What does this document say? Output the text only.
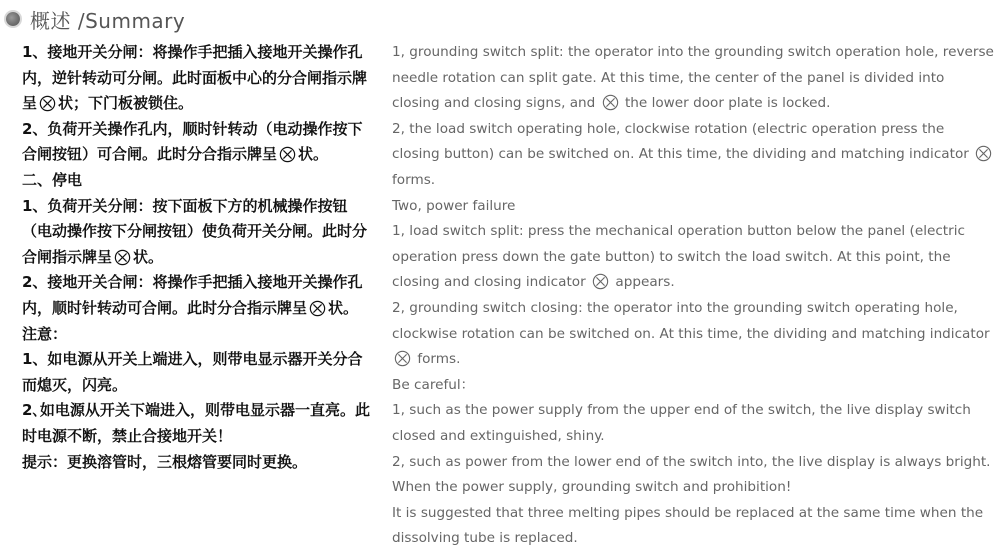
概述 /Summary

1、接地开关分闸：将操作手把插入接地开关操作孔内，逆针转动可分闸。此时面板中心的分合闸指示牌呈 状；下门板被锁住。

2、负荷开关操作孔内，顺时针转动（电动操作按下合闸按钮）可合闸。此时分合指示牌呈 状。

二、停电

1、负荷开关分闸：按下面板下方的机械操作按钮（电动操作按下分闸按钮）使负荷开关分闸。此时分合闸指示牌呈 状。

2、接地开关合闸：将操作手把插入接地开关操作孔内，顺时针转动可合闸。此时分合指示牌呈 状。

注意：

1、如电源从开关上端进入，则带电显示器开关分合而熄灭，闪亮。

2､如电源从开关下端进入，则带电显示器一直亮。此时电源不断，禁止合接地开关！

提示：更换溶管时，三根熔管要同时更换。

1, grounding switch split: the operator into the grounding switch operation hole, reverse needle rotation can split gate. At this time, the center of the panel is divided into closing and closing signs, and the lower door plate is locked.

2, the load switch operating hole, clockwise rotation (electric operation press the closing button) can be switched on. At this time, the dividing and matching indicator
forms.

Two, power failure

1, load switch split: press the mechanical operation button below the panel (electric operation press down the gate button) to switch the load switch. At this point, the closing and closing indicator appears.

2, grounding switch closing: the operator into the grounding switch operating hole, clockwise rotation can be switched on. At this time, the dividing and matching indicator

forms.

Be careful：

1, such as the power supply from the upper end of the switch, the live display switch closed and extinguished, shiny.

2, such as power from the lower end of the switch into, the live display is always bright. When the power supply, grounding switch and prohibition!

It is suggested that three melting pipes should be replaced at the same time when the dissolving tube is replaced.
